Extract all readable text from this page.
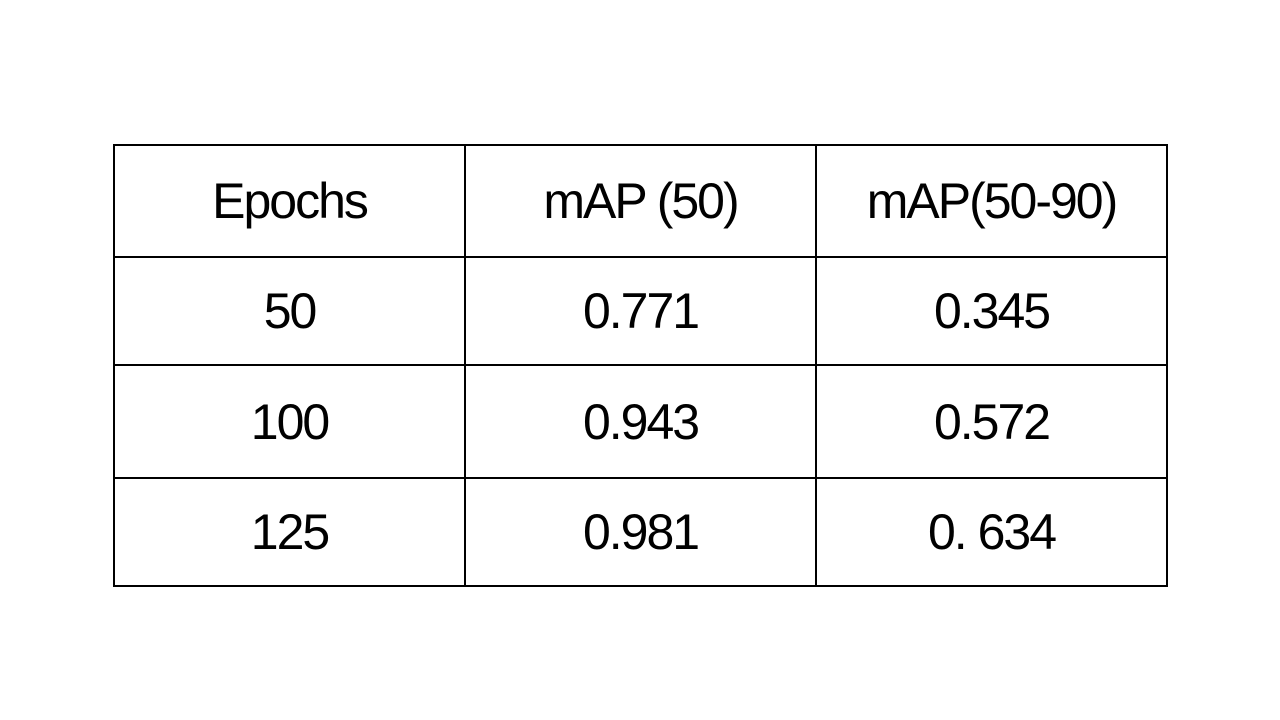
Epochs	mAP (50)	mAP(50-90)
50	0.771	0.345
100	0.943	0.572
125	0.981	0. 634
